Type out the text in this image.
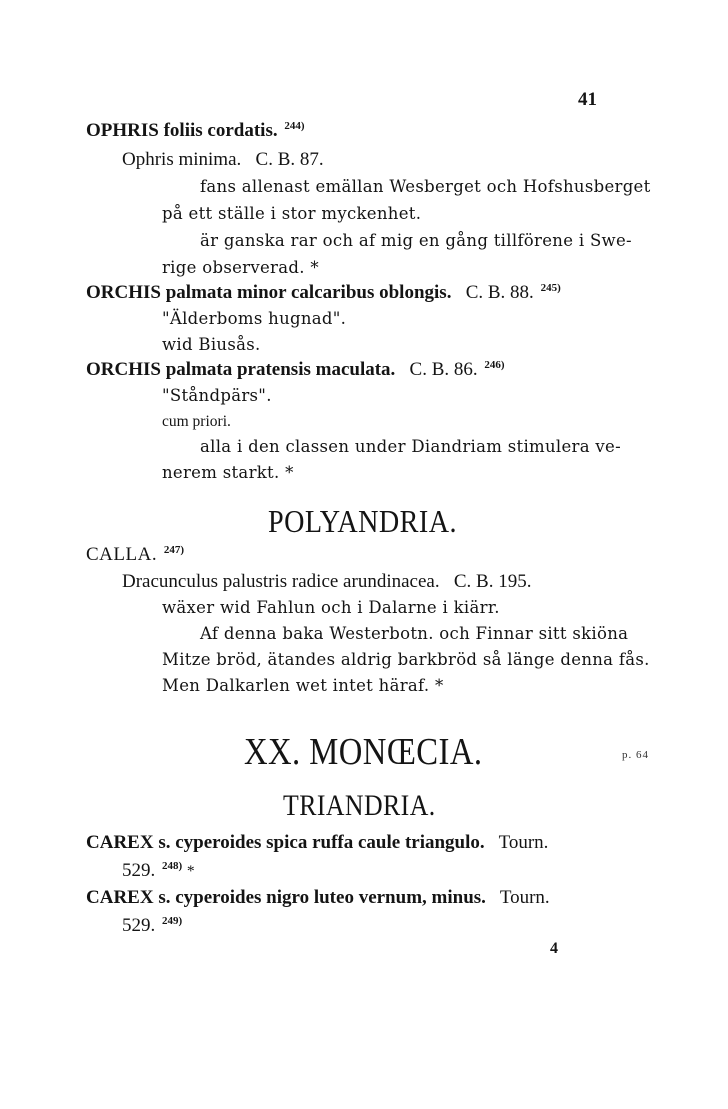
41
OPHRIS foliis cordatis. $^{244)}$
Ophris minima. C. B. 87.
fans allenast emällan Wesberget och Hofshusberget
på ett ställe i stor myckenhet.
är ganska rar och af mig en gång tillförene i Swe-
rige observerad. *
ORCHIS palmata minor calcaribus oblongis. C. B. 88. $^{245)}$
"Älderboms hugnad".
wid Biusås.
ORCHIS palmata pratensis maculata. C. B. 86. $^{246)}$
"Ståndpärs".
cum priori.
alla i den classen under Diandriam stimulera ve-
nerem starkt. *
POLYANDRIA.
CALLA. $^{247)}$
Dracunculus palustris radice arundinacea. C. B. 195.
wäxer wid Fahlun och i Dalarne i kiärr.
Af denna baka Westerbotn. och Finnar sitt skiöna
Mitze bröd, ätandes aldrig barkbröd så länge denna fås.
Men Dalkarlen wet intet häraf. *
XX. MONŒCIA.	p. 64
TRIANDRIA.
CAREX s. cyperoides spica ruffa caule triangulo. Tourn.
529. $^{248)}$ *
CAREX s. cyperoides nigro luteo vernum, minus. Tourn.
529. $^{249)}$
4
